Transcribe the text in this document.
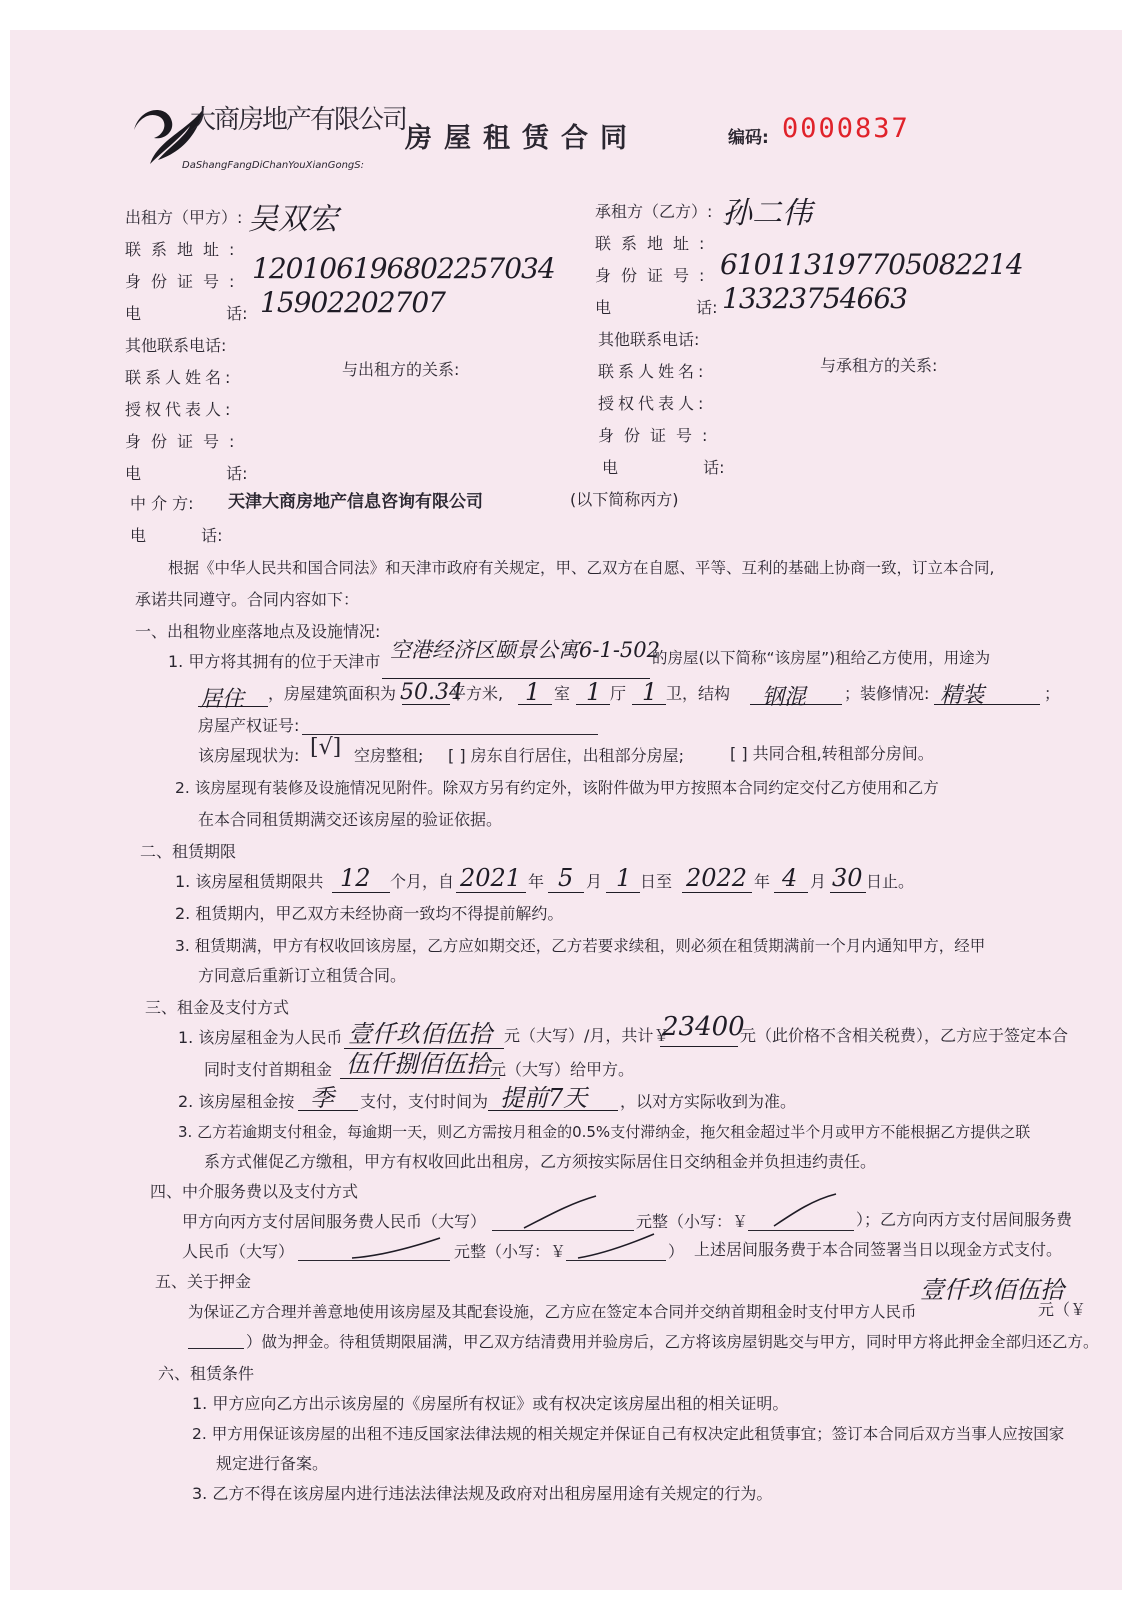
大商房地产有限公司
DaShangFangDiChanYouXianGongS:
房屋租赁合同	编码: 0000837
出租方（甲方）: 吴双宏
联系地址:
身份证号: 120106196802257034
电 话: 15902202707
其他联系电话:
联系人姓名:	与出租方的关系:
授权代表人:
身份证号:
电 话:
承租方（乙方）: 孙二伟
联系地址:
身份证号: 610113197705082214
电 话: 13323754663
其他联系电话:
联系人姓名:	与承租方的关系:
授权代表人:
身份证号:
电 话:
中 介 方: 天津大商房地产信息咨询有限公司	(以下简称丙方)
电 话:
根据《中华人民共和国合同法》和天津市政府有关规定，甲、乙双方在自愿、平等、互利的基础上协商一致，订立本合同,
承诺共同遵守。合同内容如下：
一、出租物业座落地点及设施情况:
1. 甲方将其拥有的位于天津市 空港经济区颐景公寓6-1-502
的房屋(以下简称“该房屋”)租给乙方使用，用途为
居住 ，房屋建筑面积为 50.34
平方米, 1 室 1 厅 1 卫，结构 钢混 ；装修情况: 精装	；
房屋产权证号:
该房屋现状为: [√] 空房整租; [ ] 房东自行居住，出租部分房屋;	[ ] 共同合租,转租部分房间。
2. 该房屋现有装修及设施情况见附件。除双方另有约定外，该附件做为甲方按照本合同约定交付乙方使用和乙方
在本合同租赁期满交还该房屋的验证依据。
二、租赁期限
1. 该房屋租赁期限共 12 个月，自 2021 年 5 月 1 日至 2022 年 4 月 30 日止。
2. 租赁期内，甲乙双方未经协商一致均不得提前解约。
3. 租赁期满，甲方有权收回该房屋，乙方应如期交还，乙方若要求续租，则必须在租赁期满前一个月内通知甲方，经甲
方同意后重新订立租赁合同。
三、租金及支付方式
1. 该房屋租金为人民币 壹仟玖佰伍拾 元（大写）/月，共计￥
23400
元（此价格不含相关税费），乙方应于签定本合
同时支付首期租金 伍仟捌佰伍拾 元（大写）给甲方。
2. 该房屋租金按 季 支付，支付时间为 提前7天 ，以对方实际收到为准。
3. 乙方若逾期支付租金，每逾期一天，则乙方需按月租金的0.5%支付滞纳金，拖欠租金超过半个月或甲方不能根据乙方提供之联
系方式催促乙方缴租，甲方有权收回此出租房，乙方须按实际居住日交纳租金并负担违约责任。
四、中介服务费以及支付方式
甲方向丙方支付居间服务费人民币（大写）	元整（小写：￥	）；乙方向丙方支付居间服务费
人民币（大写）	元整（小写：￥	） 上述居间服务费于本合同签署当日以现金方式支付。
五、关于押金
为保证乙方合理并善意地使用该房屋及其配套设施，乙方应在签定本合同并交纳首期租金时支付甲方人民币
壹仟玖佰伍拾
元（￥
）做为押金。待租赁期限届满，甲乙双方结清费用并验房后，乙方将该房屋钥匙交与甲方，同时甲方将此押金全部归还乙方。
六、租赁条件
1. 甲方应向乙方出示该房屋的《房屋所有权证》或有权决定该房屋出租的相关证明。
2. 甲方用保证该房屋的出租不违反国家法律法规的相关规定并保证自己有权决定此租赁事宜；签订本合同后双方当事人应按国家
规定进行备案。
3. 乙方不得在该房屋内进行违法法律法规及政府对出租房屋用途有关规定的行为。
